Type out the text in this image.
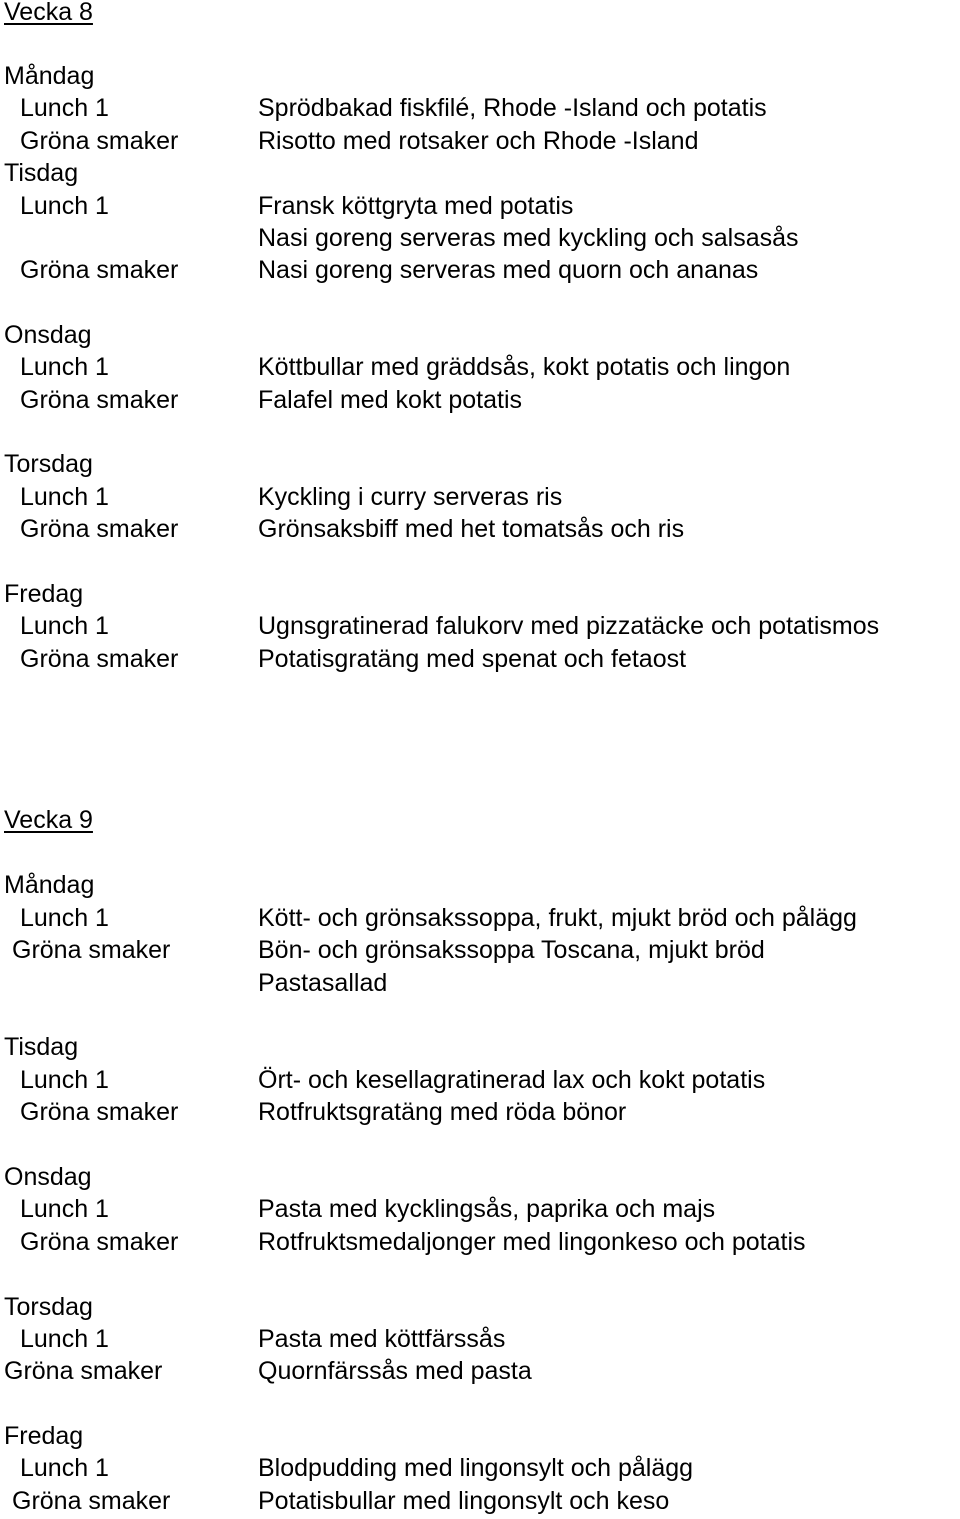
Vecka 8
Måndag
Lunch 1	Sprödbakad fiskfilé, Rhode -Island och potatis
Gröna smaker	Risotto med rotsaker och Rhode -Island
Tisdag
Lunch 1	Fransk köttgryta med potatis
Nasi goreng serveras med kyckling och salsasås
Gröna smaker	Nasi goreng serveras med quorn och ananas
Onsdag
Lunch 1	Köttbullar med gräddsås, kokt potatis och lingon
Gröna smaker	Falafel med kokt potatis
Torsdag
Lunch 1	Kyckling i curry serveras ris
Gröna smaker	Grönsaksbiff med het tomatsås och ris
Fredag
Lunch 1	Ugnsgratinerad falukorv med pizzatäcke och potatismos
Gröna smaker	Potatisgratäng med spenat och fetaost
Vecka 9
Måndag
Lunch 1	Kött- och grönsakssoppa, frukt, mjukt bröd och pålägg
Gröna smaker	Bön- och grönsakssoppa Toscana, mjukt bröd
Pastasallad
Tisdag
Lunch 1	Ört- och kesellagratinerad lax och kokt potatis
Gröna smaker	Rotfruktsgratäng med röda bönor
Onsdag
Lunch 1	Pasta med kycklingsås, paprika och majs
Gröna smaker	Rotfruktsmedaljonger med lingonkeso och potatis
Torsdag
Lunch 1	Pasta med köttfärssås
Gröna smaker	Quornfärssås med pasta
Fredag
Lunch 1	Blodpudding med lingonsylt och pålägg
Gröna smaker	Potatisbullar med lingonsylt och keso
